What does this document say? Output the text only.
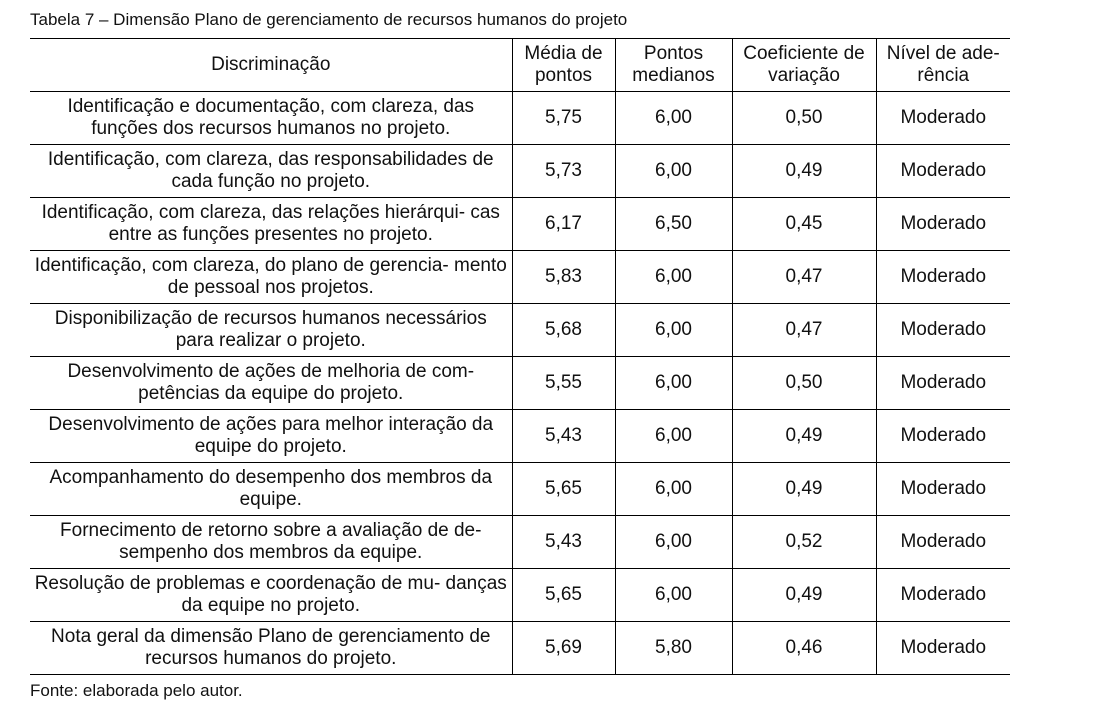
Tabela 7 – Dimensão Plano de gerenciamento de recursos humanos do projeto
Discriminação	Média de pontos	Pontos medianos	Coeficiente de variação	Nível de ade- rência
Identificação e documentação, com clareza, das funções dos recursos humanos no projeto.	5,75	6,00	0,50	Moderado
Identificação, com clareza, das responsabilidades de cada função no projeto.	5,73	6,00	0,49	Moderado
Identificação, com clareza, das relações hierárqui- cas entre as funções presentes no projeto.	6,17	6,50	0,45	Moderado
Identificação, com clareza, do plano de gerencia- mento de pessoal nos projetos.	5,83	6,00	0,47	Moderado
Disponibilização de recursos humanos necessários para realizar o projeto.	5,68	6,00	0,47	Moderado
Desenvolvimento de ações de melhoria de com- petências da equipe do projeto.	5,55	6,00	0,50	Moderado
Desenvolvimento de ações para melhor interação da equipe do projeto.	5,43	6,00	0,49	Moderado
Acompanhamento do desempenho dos membros da equipe.	5,65	6,00	0,49	Moderado
Fornecimento de retorno sobre a avaliação de de- sempenho dos membros da equipe.	5,43	6,00	0,52	Moderado
Resolução de problemas e coordenação de mu- danças da equipe no projeto.	5,65	6,00	0,49	Moderado
Nota geral da dimensão Plano de gerenciamento de recursos humanos do projeto.	5,69	5,80	0,46	Moderado
Fonte: elaborada pelo autor.
